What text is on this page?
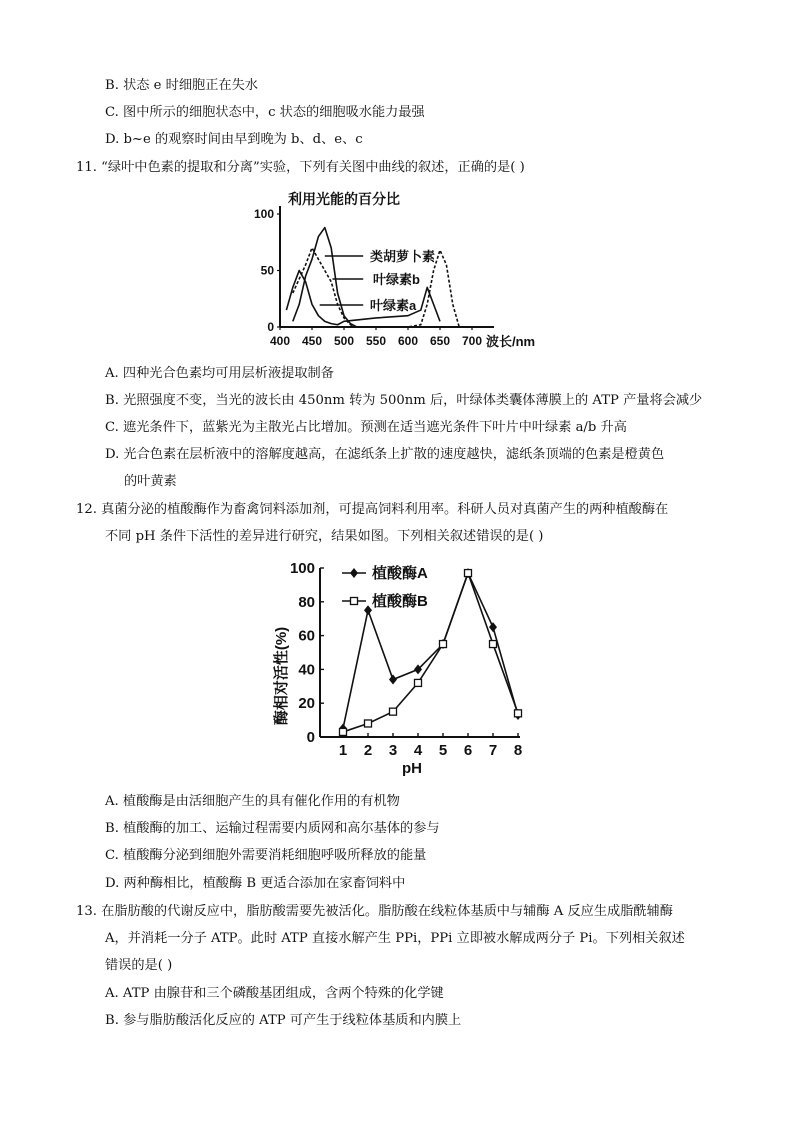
B. 状态 e 时细胞正在失水
C. 图中所示的细胞状态中，c 状态的细胞吸水能力最强
D. b~e 的观察时间由早到晚为 b、d、e、c
11. “绿叶中色素的提取和分离”实验，下列有关图中曲线的叙述，正确的是( )
400 450 500 550 600 650 700
0
50
100
利用光能的百分比
波长/nm
类胡萝卜素
叶绿素b
叶绿素a
A. 四种光合色素均可用层析液提取制备
B. 光照强度不变，当光的波长由 450nm 转为 500nm 后，叶绿体类囊体薄膜上的 ATP 产量将会减少
C. 遮光条件下，蓝紫光为主散光占比增加。预测在适当遮光条件下叶片中叶绿素 a/b 升高
D. 光合色素在层析液中的溶解度越高，在滤纸条上扩散的速度越快，滤纸条顶端的色素是橙黄色
的叶黄素
12. 真菌分泌的植酸酶作为畜禽饲料添加剂，可提高饲料利用率。科研人员对真菌产生的两种植酸酶在
不同 pH 条件下活性的差异进行研究，结果如图。下列相关叙述错误的是( )
0
20
40
60
80
100
1 2 3 4 5 6 7 8
酶相对活性(%)
pH
植酸酶A
植酸酶B
A. 植酸酶是由活细胞产生的具有催化作用的有机物
B. 植酸酶的加工、运输过程需要内质网和高尔基体的参与
C. 植酸酶分泌到细胞外需要消耗细胞呼吸所释放的能量
D. 两种酶相比，植酸酶 B 更适合添加在家畜饲料中
13. 在脂肪酸的代谢反应中，脂肪酸需要先被活化。脂肪酸在线粒体基质中与辅酶 A 反应生成脂酰辅酶
A，并消耗一分子 ATP。此时 ATP 直接水解产生 PPi，PPi 立即被水解成两分子 Pi。下列相关叙述
错误的是( )
A. ATP 由腺苷和三个磷酸基团组成，含两个特殊的化学键
B. 参与脂肪酸活化反应的 ATP 可产生于线粒体基质和内膜上
